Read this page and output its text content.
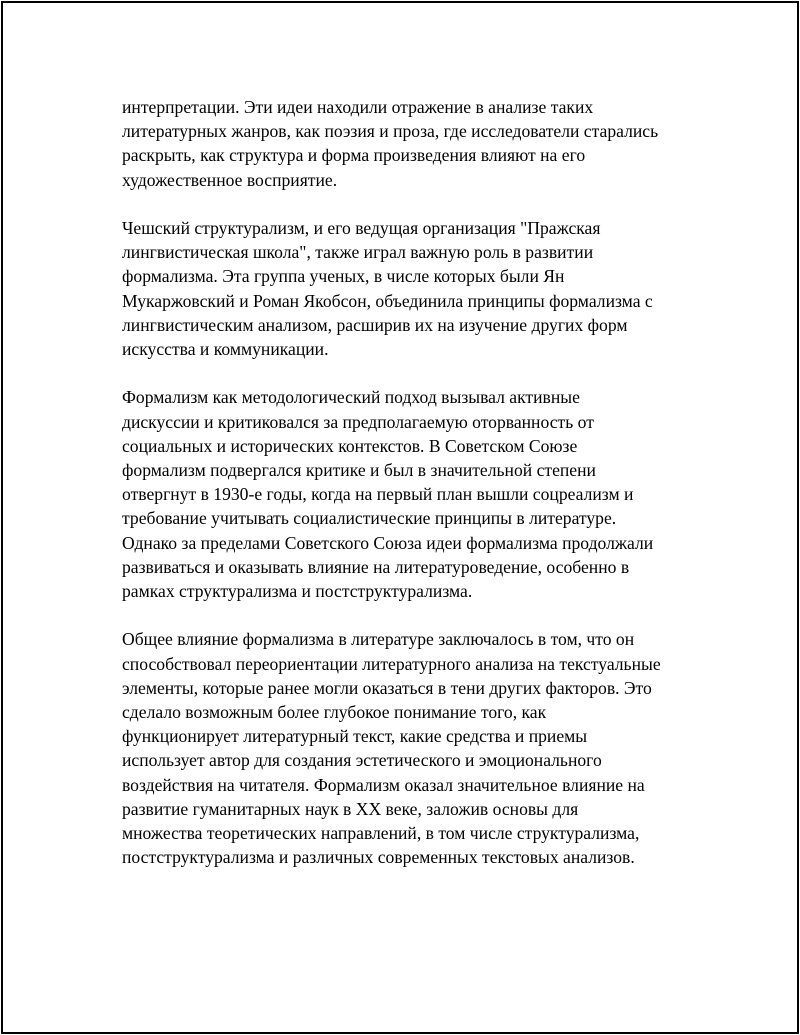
интерпретации. Эти идеи находили отражение в анализе таких
литературных жанров, как поэзия и проза, где исследователи старались
раскрыть, как структура и форма произведения влияют на его
художественное восприятие.

Чешский структурализм, и его ведущая организация "Пражская
лингвистическая школа", также играл важную роль в развитии
формализма. Эта группа ученых, в числе которых были Ян
Мукаржовский и Роман Якобсон, объединила принципы формализма с
лингвистическим анализом, расширив их на изучение других форм
искусства и коммуникации.

Формализм как методологический подход вызывал активные
дискуссии и критиковался за предполагаемую оторванность от
социальных и исторических контекстов. В Советском Союзе
формализм подвергался критике и был в значительной степени
отвергнут в 1930-е годы, когда на первый план вышли соцреализм и
требование учитывать социалистические принципы в литературе.
Однако за пределами Советского Союза идеи формализма продолжали
развиваться и оказывать влияние на литературоведение, особенно в
рамках структурализма и постструктурализма.

Общее влияние формализма в литературе заключалось в том, что он
способствовал переориентации литературного анализа на текстуальные
элементы, которые ранее могли оказаться в тени других факторов. Это
сделало возможным более глубокое понимание того, как
функционирует литературный текст, какие средства и приемы
использует автор для создания эстетического и эмоционального
воздействия на читателя. Формализм оказал значительное влияние на
развитие гуманитарных наук в XX веке, заложив основы для
множества теоретических направлений, в том числе структурализма,
постструктурализма и различных современных текстовых анализов.
